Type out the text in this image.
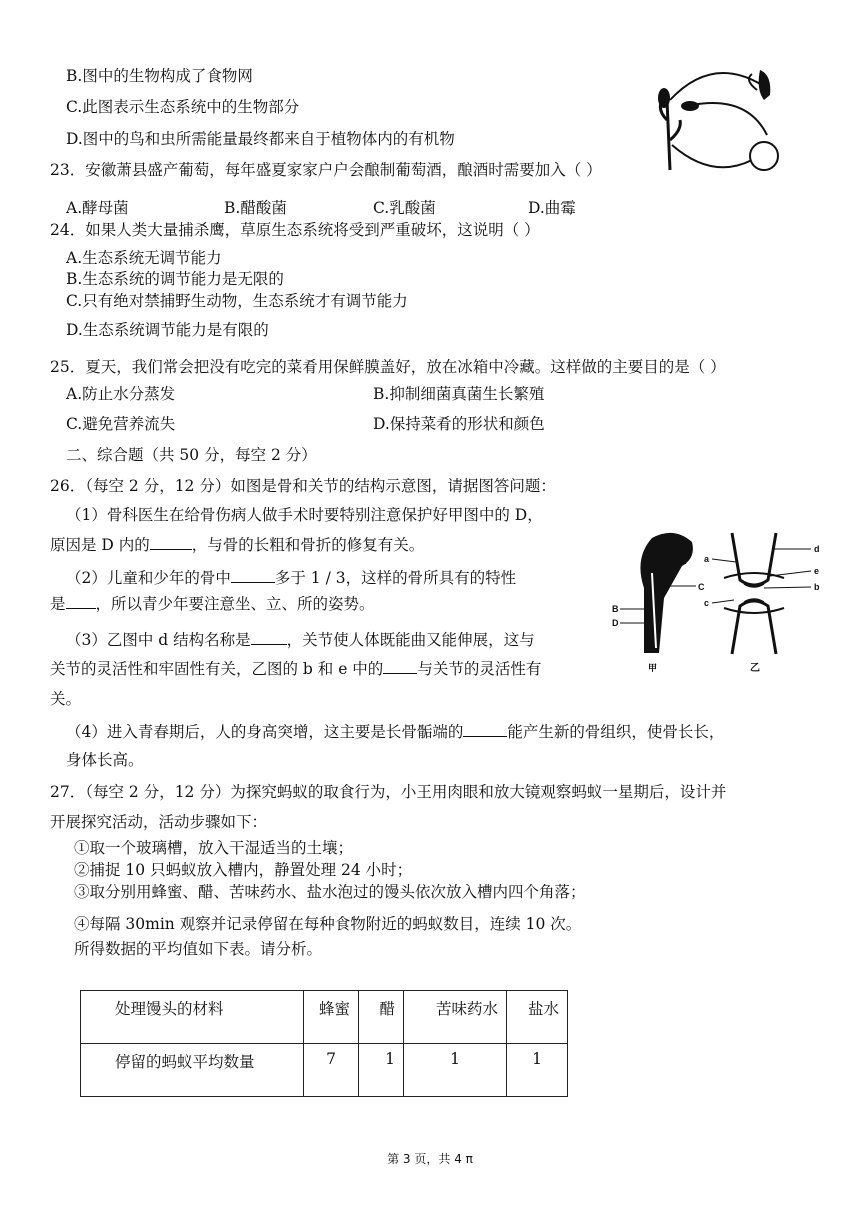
B.图中的生物构成了食物网
C.此图表示生态系统中的生物部分
D.图中的鸟和虫所需能量最终都来自于植物体内的有机物
23．安徽萧县盛产葡萄，每年盛夏家家户户会酿制葡萄酒，酿酒时需要加入（ ）
A.酵母菌	B.醋酸菌	C.乳酸菌	D.曲霉
24．如果人类大量捕杀鹰，草原生态系统将受到严重破坏，这说明（ ）
A.生态系统无调节能力
B.生态系统的调节能力是无限的
C.只有绝对禁捕野生动物，生态系统才有调节能力
D.生态系统调节能力是有限的
25．夏天，我们常会把没有吃完的菜肴用保鲜膜盖好，放在冰箱中冷藏。这样做的主要目的是（ ）
A.防止水分蒸发	B.抑制细菌真菌生长繁殖
C.避免营养流失	D.保持菜肴的形状和颜色
二、综合题（共 50 分，每空 2 分）
26．（每空 2 分，12 分）如图是骨和关节的结构示意图，请据图答问题：
（1）骨科医生在给骨伤病人做手术时要特别注意保护好甲图中的 D，
原因是 D 内的	，与骨的长粗和骨折的修复有关。
（2）儿童和少年的骨中	多于 1 / 3，这样的骨所具有的特性
是 ，所以青少年要注意坐、立、所的姿势。
（3）乙图中 d 结构名称是 ，关节使人体既能曲又能伸展，这与
关节的灵活性和牢固性有关，乙图的 b 和 e 中的 与关节的灵活性有
关。
（4）进入青春期后，人的身高突增，这主要是长骨骺端的	能产生新的骨组织，使骨长长，
身体长高。
A
C
B
D
甲
a
c
d
e
b
乙
27．（每空 2 分，12 分）为探究蚂蚁的取食行为，小王用肉眼和放大镜观察蚂蚁一星期后，设计并
开展探究活动，活动步骤如下：
①取一个玻璃槽，放入干湿适当的土壤；
②捕捉 10 只蚂蚁放入槽内，静置处理 24 小时；
③取分别用蜂蜜、醋、苦味药水、盐水泡过的馒头依次放入槽内四个角落；
④每隔 30min 观察并记录停留在每种食物附近的蚂蚁数目，连续 10 次。
所得数据的平均值如下表。请分析。
处理馒头的材料	蜂蜜	醋	苦味药水	盐水
停留的蚂蚁平均数量	7	1	1	1
第 3 页，共 4 π
